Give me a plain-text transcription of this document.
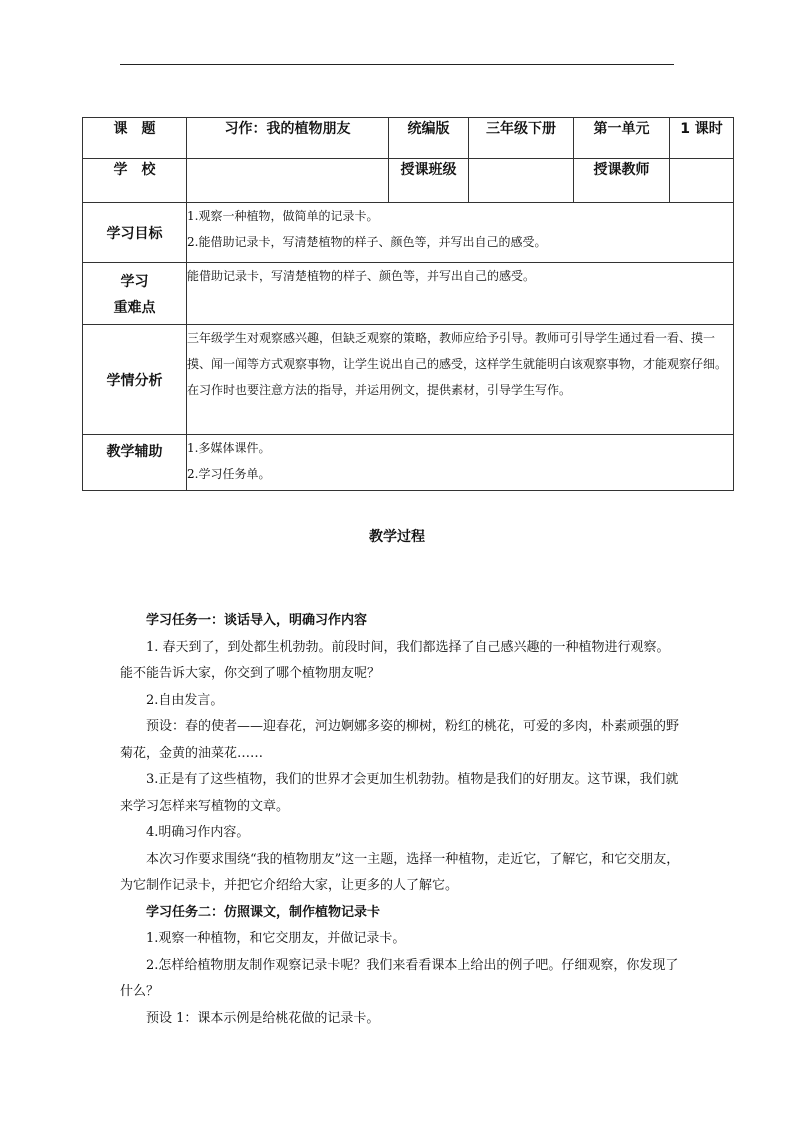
课　题	习作：我的植物朋友	统编版	三年级下册	第一单元	1 课时
学　校		授课班级		授课教师	
学习目标	1.观察一种植物，做简单的记录卡。
2.能借助记录卡，写清楚植物的样子、颜色等，并写出自己的感受。				

学习
重难点	能借助记录卡，写清楚植物的样子、颜色等，并写出自己的感受。				
学情分析	三年级学生对观察感兴趣，但缺乏观察的策略，教师应给予引导。教师可引导学生通过看一看、摸一摸、闻一闻等方式观察事物，让学生说出自己的感受，这样学生就能明白该观察事物，才能观察仔细。在习作时也要注意方法的指导，并运用例文，提供素材，引导学生写作。				
教学辅助	1.多媒体课件。
2.学习任务单。				
教学过程

学习任务一：谈话导入，明确习作内容

1. 春天到了，到处都生机勃勃。前段时间，我们都选择了自己感兴趣的一种植物进行观察。能不能告诉大家，你交到了哪个植物朋友呢？

2.自由发言。

预设：春的使者——迎春花，河边婀娜多姿的柳树，粉红的桃花，可爱的多肉，朴素顽强的野菊花，金黄的油菜花……

3.正是有了这些植物，我们的世界才会更加生机勃勃。植物是我们的好朋友。这节课，我们就来学习怎样来写植物的文章。

4.明确习作内容。

本次习作要求围绕“我的植物朋友”这一主题，选择一种植物，走近它，了解它，和它交朋友，为它制作记录卡，并把它介绍给大家，让更多的人了解它。

学习任务二：仿照课文，制作植物记录卡

1.观察一种植物，和它交朋友，并做记录卡。

2.怎样给植物朋友制作观察记录卡呢？我们来看看课本上给出的例子吧。仔细观察，你发现了什么？

预设 1：课本示例是给桃花做的记录卡。
